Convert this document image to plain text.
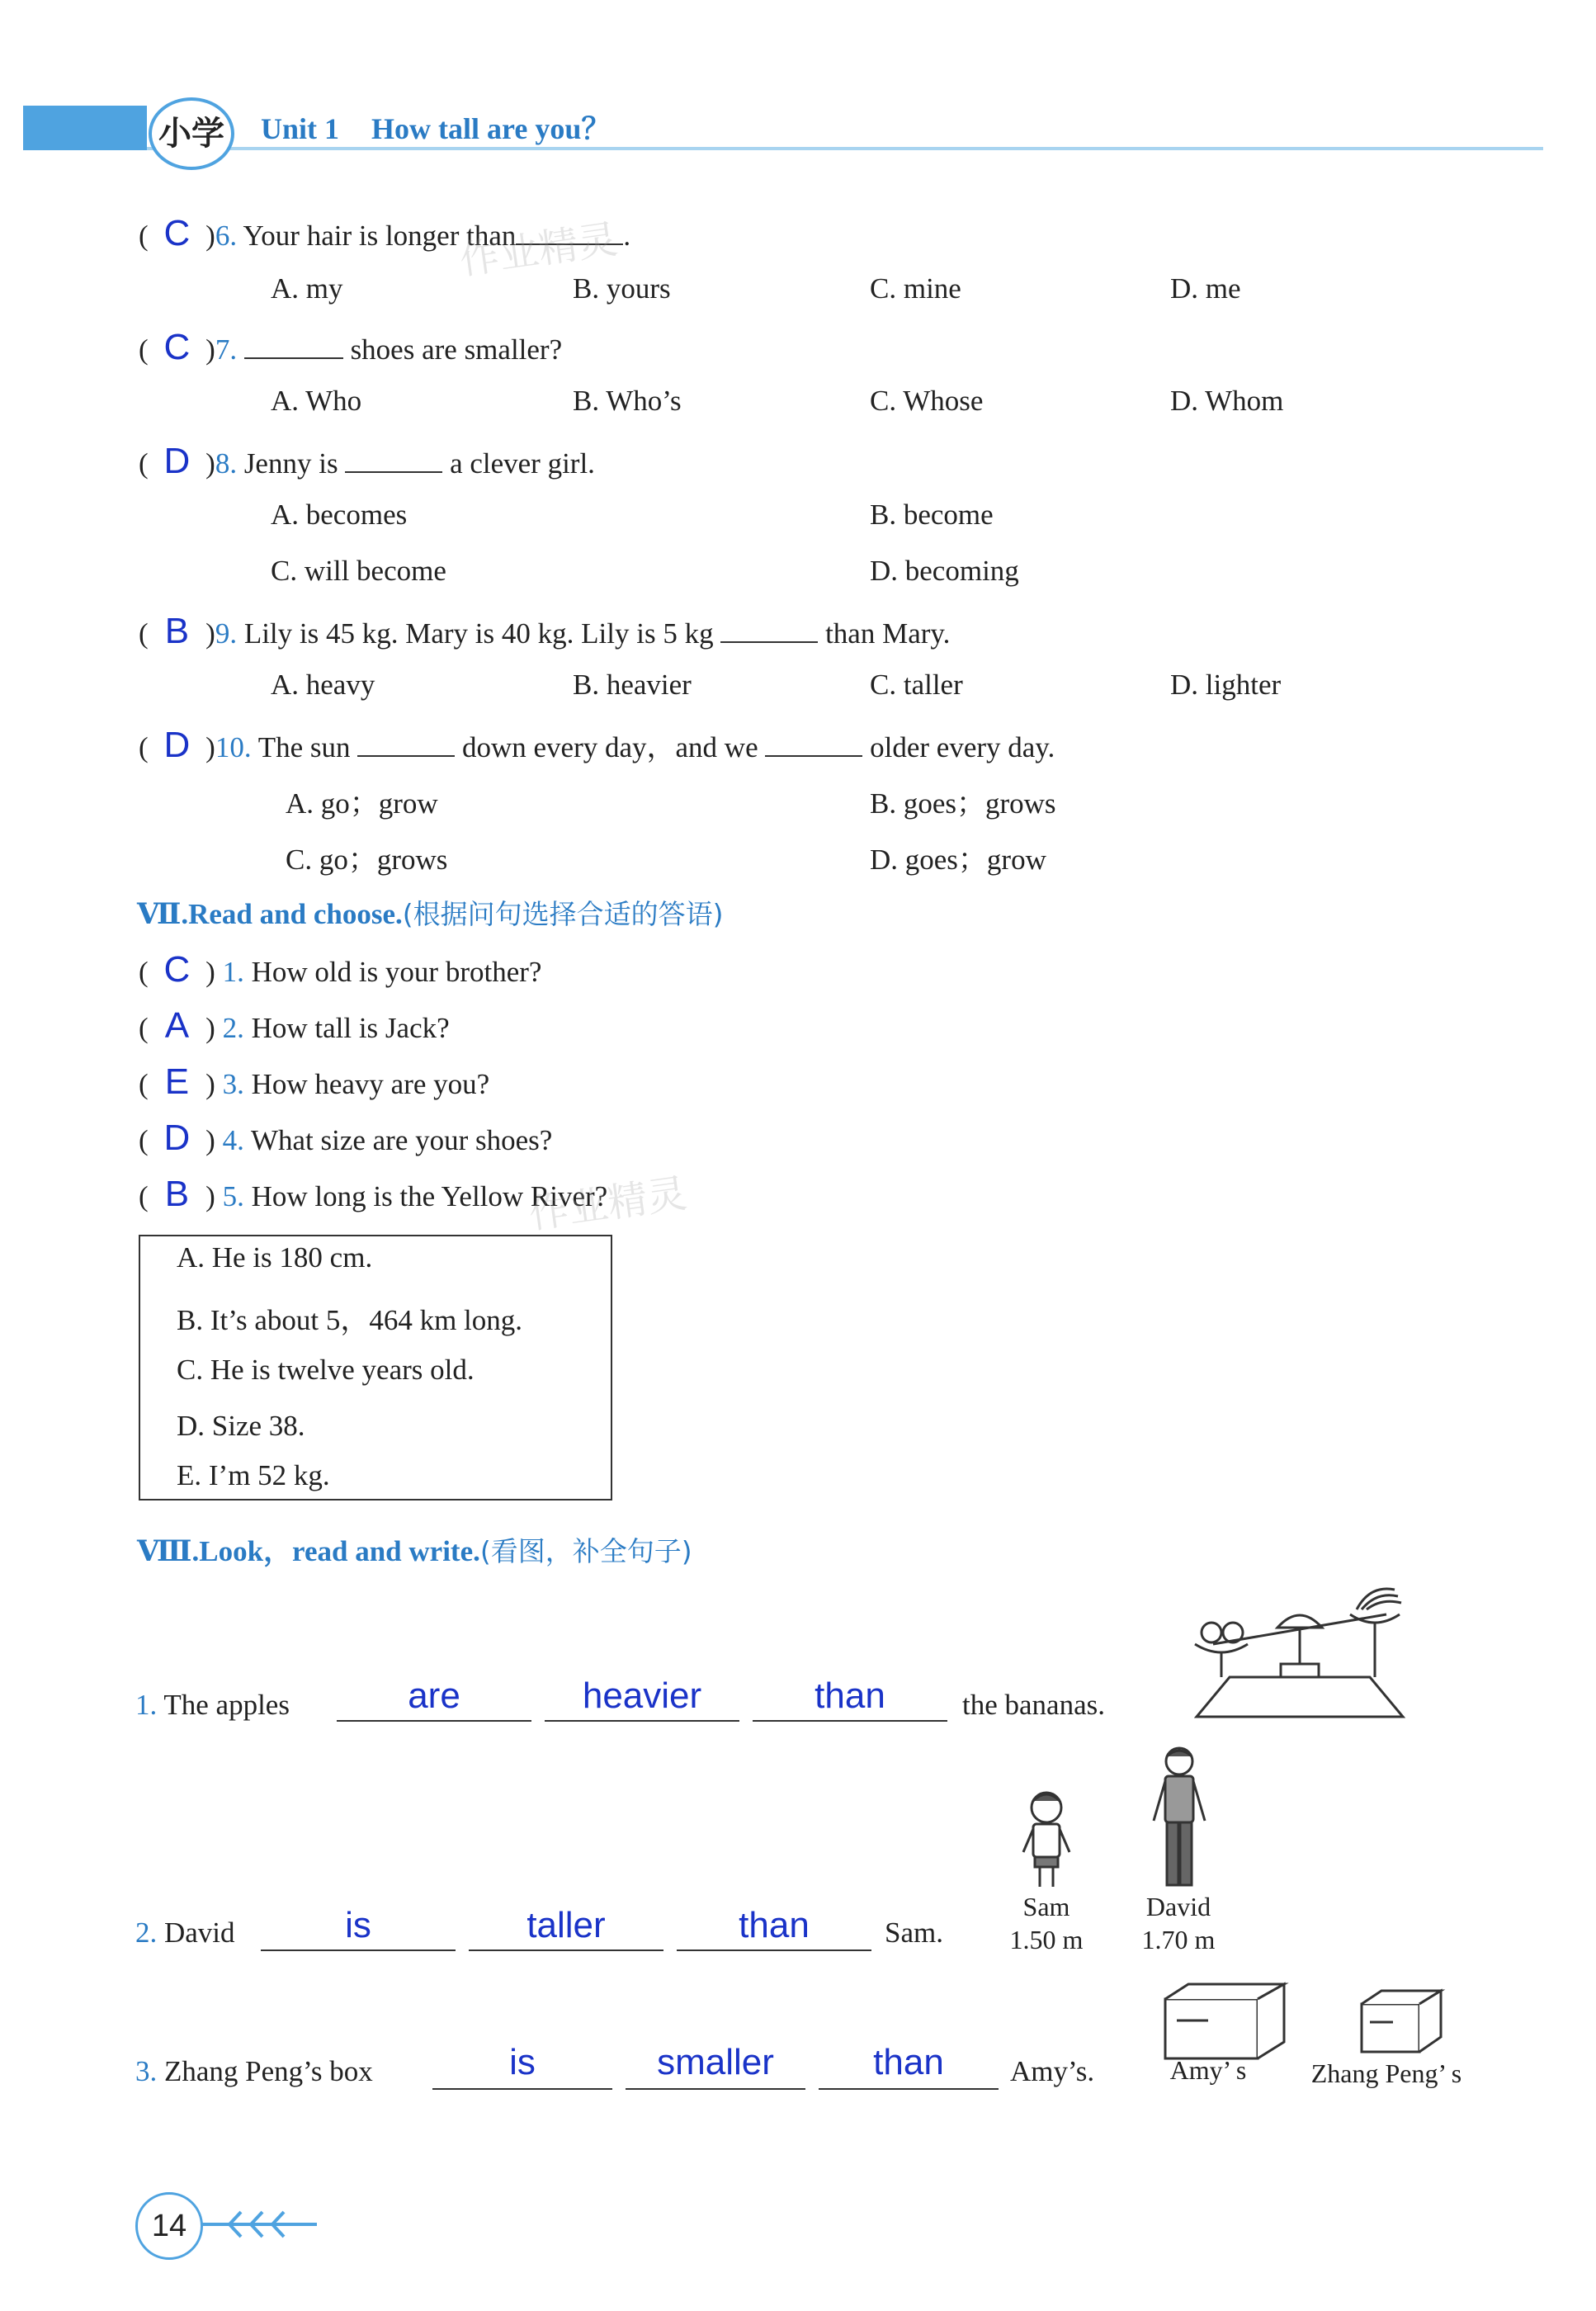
小学	Unit 1 How tall are you？
( C )6. Your hair is longer than	.
A. my	B. yours	C. mine	D. me
( C )7.	shoes are smaller?
A. Who	B. Who’s	C. Whose	D. Whom
( D )8. Jenny is	a clever girl.
A. becomes	B. become
C. will become	D. becoming
( B )9. Lily is 45 kg. Mary is 40 kg. Lily is 5 kg	than Mary.
A. heavy	B. heavier	C. taller	D. lighter
( D )10. The sun	down every day，and we	older every day.
A. go；grow	B. goes；grows
C. go；grows	D. goes；grow
Ⅶ.Read and choose.(根据问句选择合适的答语)
( C ) 1. How old is your brother?
( A ) 2. How tall is Jack?
( E ) 3. How heavy are you?
( D ) 4. What size are your shoes?
( B ) 5. How long is the Yellow River?
A. He is 180 cm.
B. It’s about 5，464 km long.
C. He is twelve years old.
D. Size 38.
E. I’m 52 kg.
Ⅷ.Look，read and write.(看图，补全句子)
1. The apples	are	heavier	than	the bananas.
2. David	is	taller	than	Sam.
Sam
1.50 m
David
1.70 m
3. Zhang Peng’s box	is	smaller	than	Amy’s.	Amy’ s	Zhang Peng’ s
作业精灵
作业精灵
14
